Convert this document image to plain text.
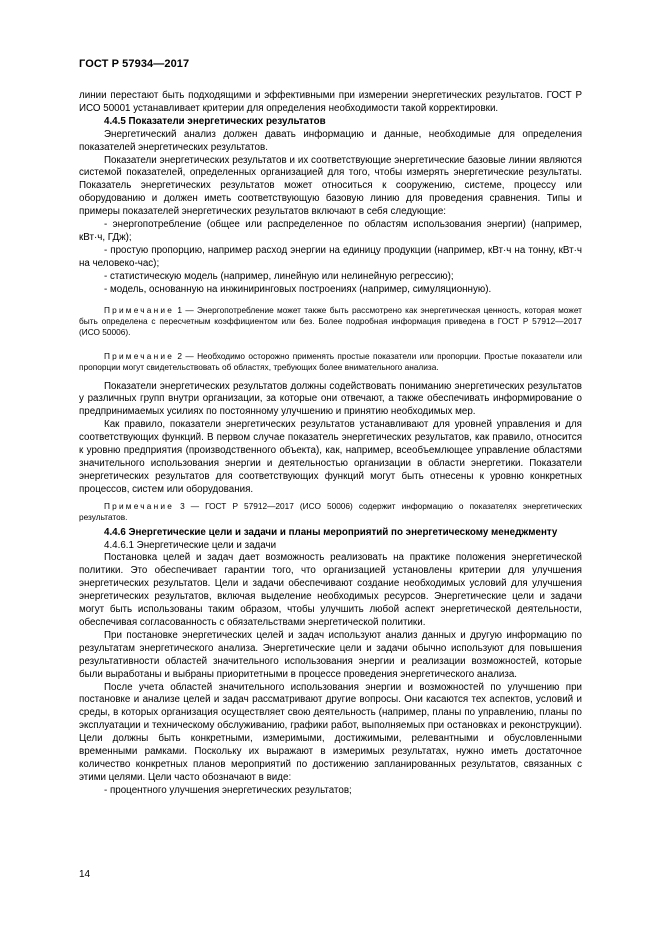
ГОСТ Р 57934—2017

линии перестают быть подходящими и эффективными при измерении энергетических результатов. ГОСТ Р ИСО 50001 устанавливает критерии для определения необходимости такой корректировки.

4.4.5 Показатели энергетических результатов

Энергетический анализ должен давать информацию и данные, необходимые для определения показателей энергетических результатов.

Показатели энергетических результатов и их соответствующие энергетические базовые линии являются системой показателей, определенных организацией для того, чтобы измерять энергетические результаты. Показатель энергетических результатов может относиться к сооружению, системе, процессу или оборудованию и должен иметь соответствующую базовую линию для проведения сравнения. Типы и примеры показателей энергетических результатов включают в себя следующие:

- энергопотребление (общее или распределенное по областям использования энергии) (например, кВт·ч, ГДж);

- простую пропорцию, например расход энергии на единицу продукции (например, кВт·ч на тонну, кВт·ч на человеко-час);

- статистическую модель (например, линейную или нелинейную регрессию);

- модель, основанную на инжиниринговых построениях (например, симуляционную).

Примечание 1 — Энергопотребление может также быть рассмотрено как энергетическая ценность, которая может быть определена с пересчетным коэффициентом или без. Более подробная информация приведена в ГОСТ Р 57912—2017 (ИСО 50006).

Примечание 2 — Необходимо осторожно применять простые показатели или пропорции. Простые показатели или пропорции могут свидетельствовать об областях, требующих более внимательного анализа.

Показатели энергетических результатов должны содействовать пониманию энергетических результатов у различных групп внутри организации, за которые они отвечают, а также обеспечивать информирование о предпринимаемых усилиях по постоянному улучшению и принятию необходимых мер.

Как правило, показатели энергетических результатов устанавливают для уровней управления и для соответствующих функций. В первом случае показатель энергетических результатов, как правило, относится к уровню предприятия (производственного объекта), как, например, всеобъемлющее управление областями значительного использования энергии и деятельностью организации в области энергетики. Показатели энергетических результатов для соответствующих функций могут быть отнесены к уровню конкретных процессов, систем или оборудования.

Примечание 3 — ГОСТ Р 57912—2017 (ИСО 50006) содержит информацию о показателях энергетических результатов.

4.4.6 Энергетические цели и задачи и планы мероприятий по энергетическому менеджменту

4.4.6.1 Энергетические цели и задачи

Постановка целей и задач дает возможность реализовать на практике положения энергетической политики. Это обеспечивает гарантии того, что организацией установлены критерии для улучшения энергетических результатов. Цели и задачи обеспечивают создание необходимых условий для улучшения энергетических результатов, включая выделение необходимых ресурсов. Энергетические цели и задачи могут быть использованы таким образом, чтобы улучшить любой аспект энергетической деятельности, обеспечивая согласованность с обязательствами энергетической политики.

При постановке энергетических целей и задач используют анализ данных и другую информацию по результатам энергетического анализа. Энергетические цели и задачи обычно используют для повышения результативности областей значительного использования энергии и реализации возможностей, которые были выработаны и выбраны приоритетными в процессе проведения энергетического анализа.

После учета областей значительного использования энергии и возможностей по улучшению при постановке и анализе целей и задач рассматривают другие вопросы. Они касаются тех аспектов, условий и среды, в которых организация осуществляет свою деятельность (например, планы по управлению, планы по эксплуатации и техническому обслуживанию, графики работ, выполняемых при остановках и реконструкции). Цели должны быть конкретными, измеримыми, достижимыми, релевантными и обусловленными временными рамками. Поскольку их выражают в измеримых результатах, нужно иметь достаточное количество конкретных планов мероприятий по достижению запланированных результатов, связанных с этими целями. Цели часто обозначают в виде:

- процентного улучшения энергетических результатов;

14
